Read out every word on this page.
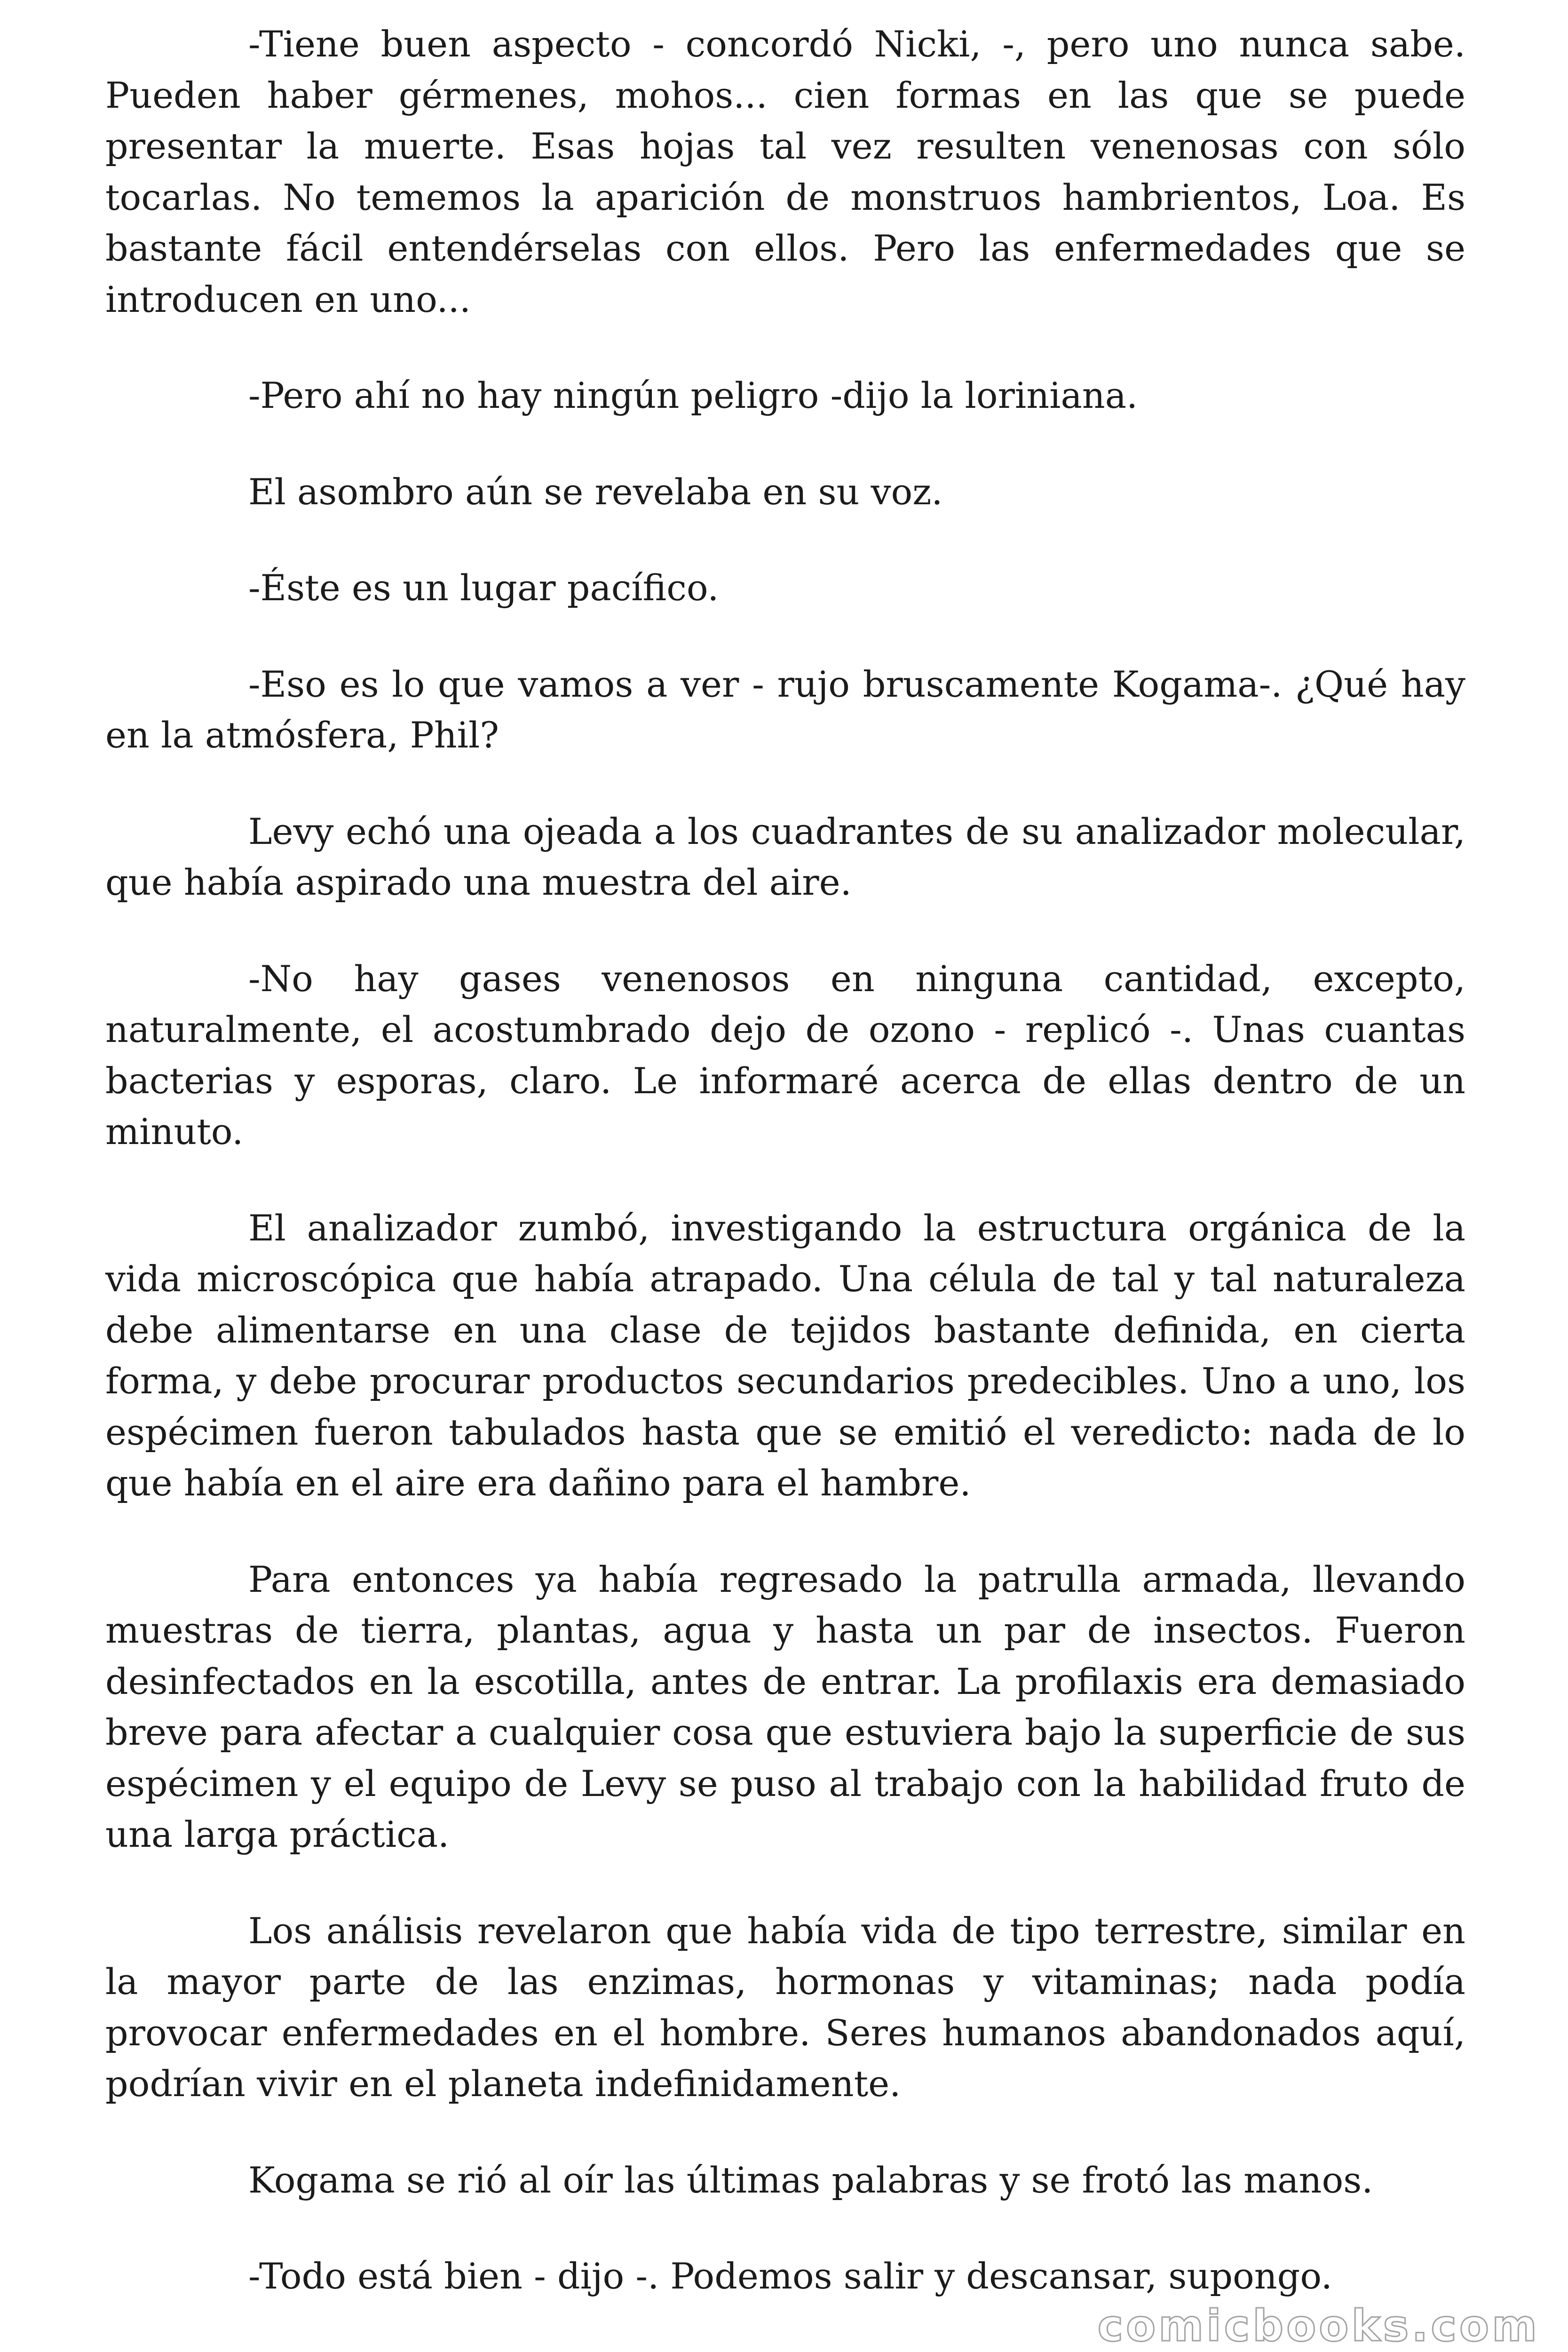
-Tiene buen aspecto - concordó Nicki, -, pero uno nunca sabe. Pueden haber gérmenes, mohos... cien formas en las que se puede presentar la muerte. Esas hojas tal vez resulten venenosas con sólo tocarlas. No tememos la aparición de monstruos hambrientos, Loa. Es bastante fácil entendérselas con ellos. Pero las enfermedades que se introducen en uno...

-Pero ahí no hay ningún peligro -dijo la loriniana.

El asombro aún se revelaba en su voz.

-Éste es un lugar pacífico.

-Eso es lo que vamos a ver - rujo bruscamente Kogama-. ¿Qué hay en la atmósfera, Phil?

Levy echó una ojeada a los cuadrantes de su analizador molecular, que había aspirado una muestra del aire.

-No hay gases venenosos en ninguna cantidad, excepto, naturalmente, el acostumbrado dejo de ozono - replicó -. Unas cuantas bacterias y esporas, claro. Le informaré acerca de ellas dentro de un minuto.

El analizador zumbó, investigando la estructura orgánica de la vida microscópica que había atrapado. Una célula de tal y tal naturaleza debe alimentarse en una clase de tejidos bastante definida, en cierta forma, y debe procurar productos secundarios predecibles. Uno a uno, los espécimen fueron tabulados hasta que se emitió el veredicto: nada de lo que había en el aire era dañino para el hambre.

Para entonces ya había regresado la patrulla armada, llevando muestras de tierra, plantas, agua y hasta un par de insectos. Fueron desinfectados en la escotilla, antes de entrar. La profilaxis era demasiado breve para afectar a cualquier cosa que estuviera bajo la superficie de sus espécimen y el equipo de Levy se puso al trabajo con la habilidad fruto de una larga práctica.

Los análisis revelaron que había vida de tipo terrestre, similar en la mayor parte de las enzimas, hormonas y vitaminas; nada podía provocar enfermedades en el hombre. Seres humanos abandonados aquí, podrían vivir en el planeta indefinidamente.

Kogama se rió al oír las últimas palabras y se frotó las manos.

-Todo está bien - dijo -. Podemos salir y descansar, supongo.

comicbooks.com
